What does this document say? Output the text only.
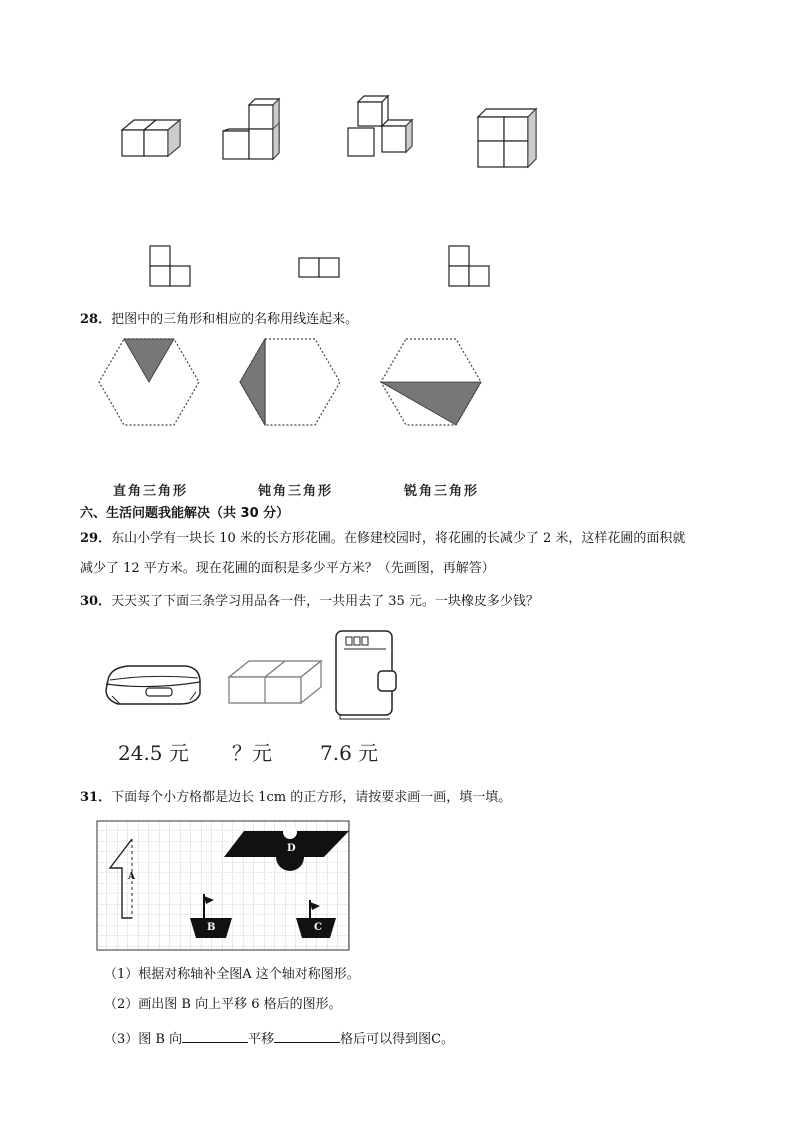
28．把图中的三角形和相应的名称用线连起来。
直角三角形	钝角三角形	锐角三角形
六、生活问题我能解决（共 30 分）
29．东山小学有一块长 10 米的长方形花圃。在修建校园时，将花圃的长减少了 2 米，这样花圃的面积就
减少了 12 平方米。现在花圃的面积是多少平方米？（先画图，再解答）
30．天天买了下面三条学习用品各一件，一共用去了 35 元。一块橡皮多少钱？
24.5 元 ？元 7.6 元
31．下面每个小方格都是边长 1cm 的正方形，请按要求画一画，填一填。
A
B	C
D
（1）根据对称轴补全图A 这个轴对称图形。
（2）画出图 B 向上平移 6 格后的图形。
（3）图 B 向	平移	格后可以得到图C。
